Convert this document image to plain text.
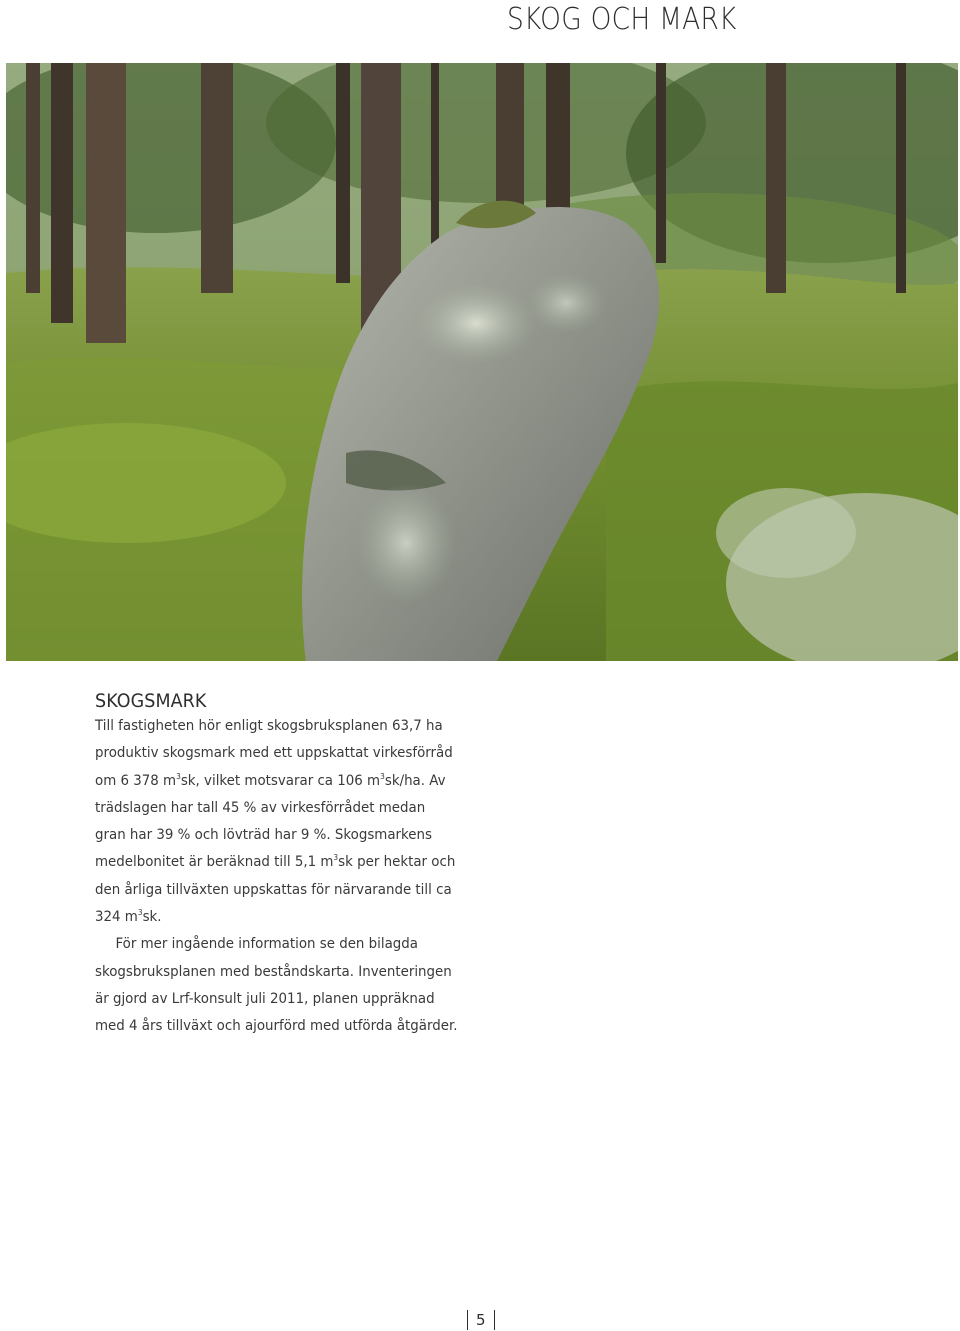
SKOG OCH MARK
SKOGSMARK
Till fastigheten hör enligt skogsbruksplanen 63,7 ha
produktiv skogsmark med ett uppskattat virkesförråd
om 6 378 $m^3sk$, vilket motsvarar ca 106 $m^3sk/ha$. Av
trädslagen har tall 45 % av virkesförrådet medan
gran har 39 % och lövträd har 9 %. Skogsmarkens
medelbonitet är beräknad till 5,1 $m^3sk$ per hektar och
den årliga tillväxten uppskattas för närvarande till ca
324 $m^3sk$.
För mer ingående information se den bilagda
skogsbruksplanen med beståndskarta. Inventeringen
är gjord av Lrf-konsult juli 2011, planen uppräknad
med 4 års tillväxt och ajourförd med utförda åtgärder.
5
